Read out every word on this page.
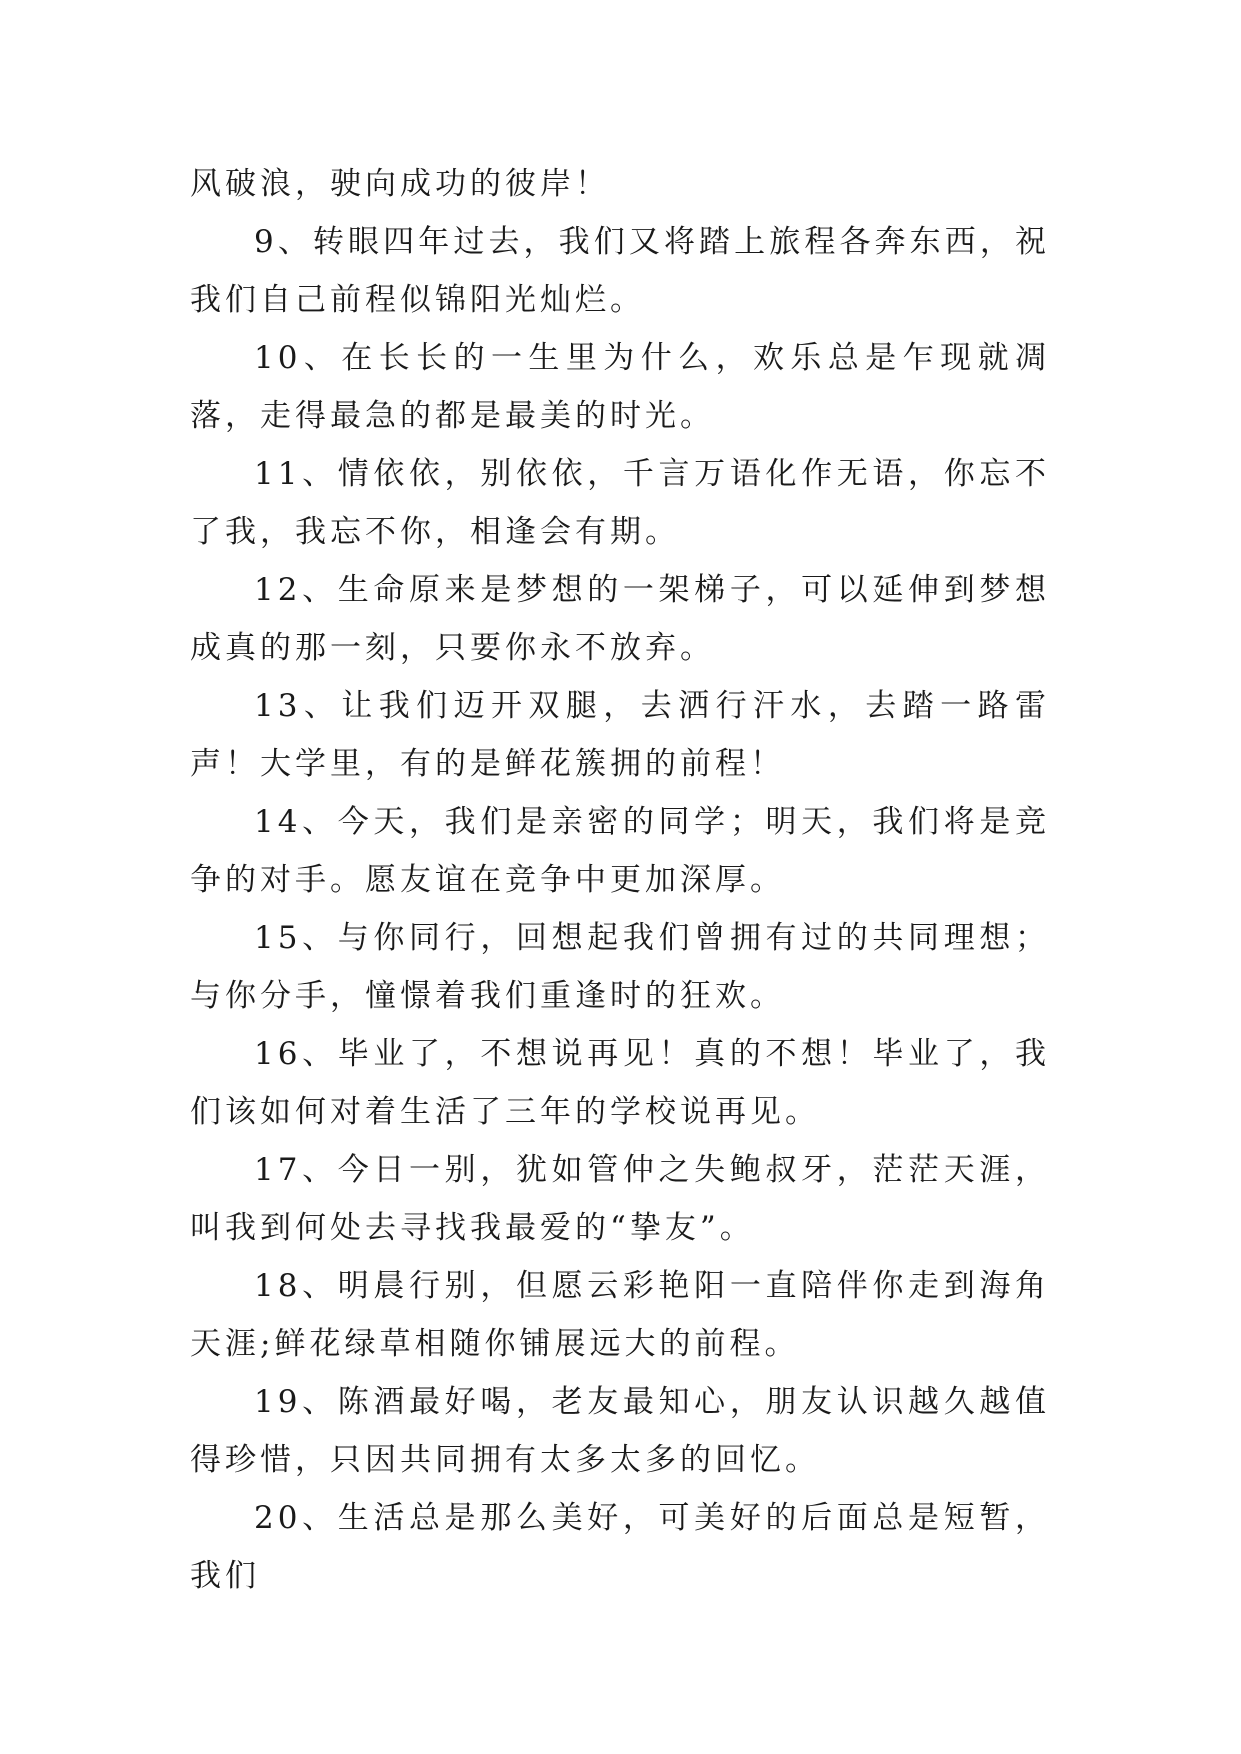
风破浪，驶向成功的彼岸！

9、转眼四年过去，我们又将踏上旅程各奔东西，祝我们自己前程似锦阳光灿烂。

10、在长长的一生里为什么，欢乐总是乍现就凋落，走得最急的都是最美的时光。

11、情依依，别依依，千言万语化作无语，你忘不了我，我忘不你，相逢会有期。

12、生命原来是梦想的一架梯子，可以延伸到梦想成真的那一刻，只要你永不放弃。

13、让我们迈开双腿，去洒行汗水，去踏一路雷声！大学里，有的是鲜花簇拥的前程！

14、今天，我们是亲密的同学；明天，我们将是竞争的对手。愿友谊在竞争中更加深厚。

15、与你同行，回想起我们曾拥有过的共同理想；与你分手，憧憬着我们重逢时的狂欢。

16、毕业了，不想说再见！真的不想！毕业了，我们该如何对着生活了三年的学校说再见。

17、今日一别，犹如管仲之失鲍叔牙，茫茫天涯，叫我到何处去寻找我最爱的“挚友”。

18、明晨行别，但愿云彩艳阳一直陪伴你走到海角天涯;鲜花绿草相随你铺展远大的前程。

19、陈酒最好喝，老友最知心，朋友认识越久越值得珍惜，只因共同拥有太多太多的回忆。

20、生活总是那么美好，可美好的后面总是短暂，我们
